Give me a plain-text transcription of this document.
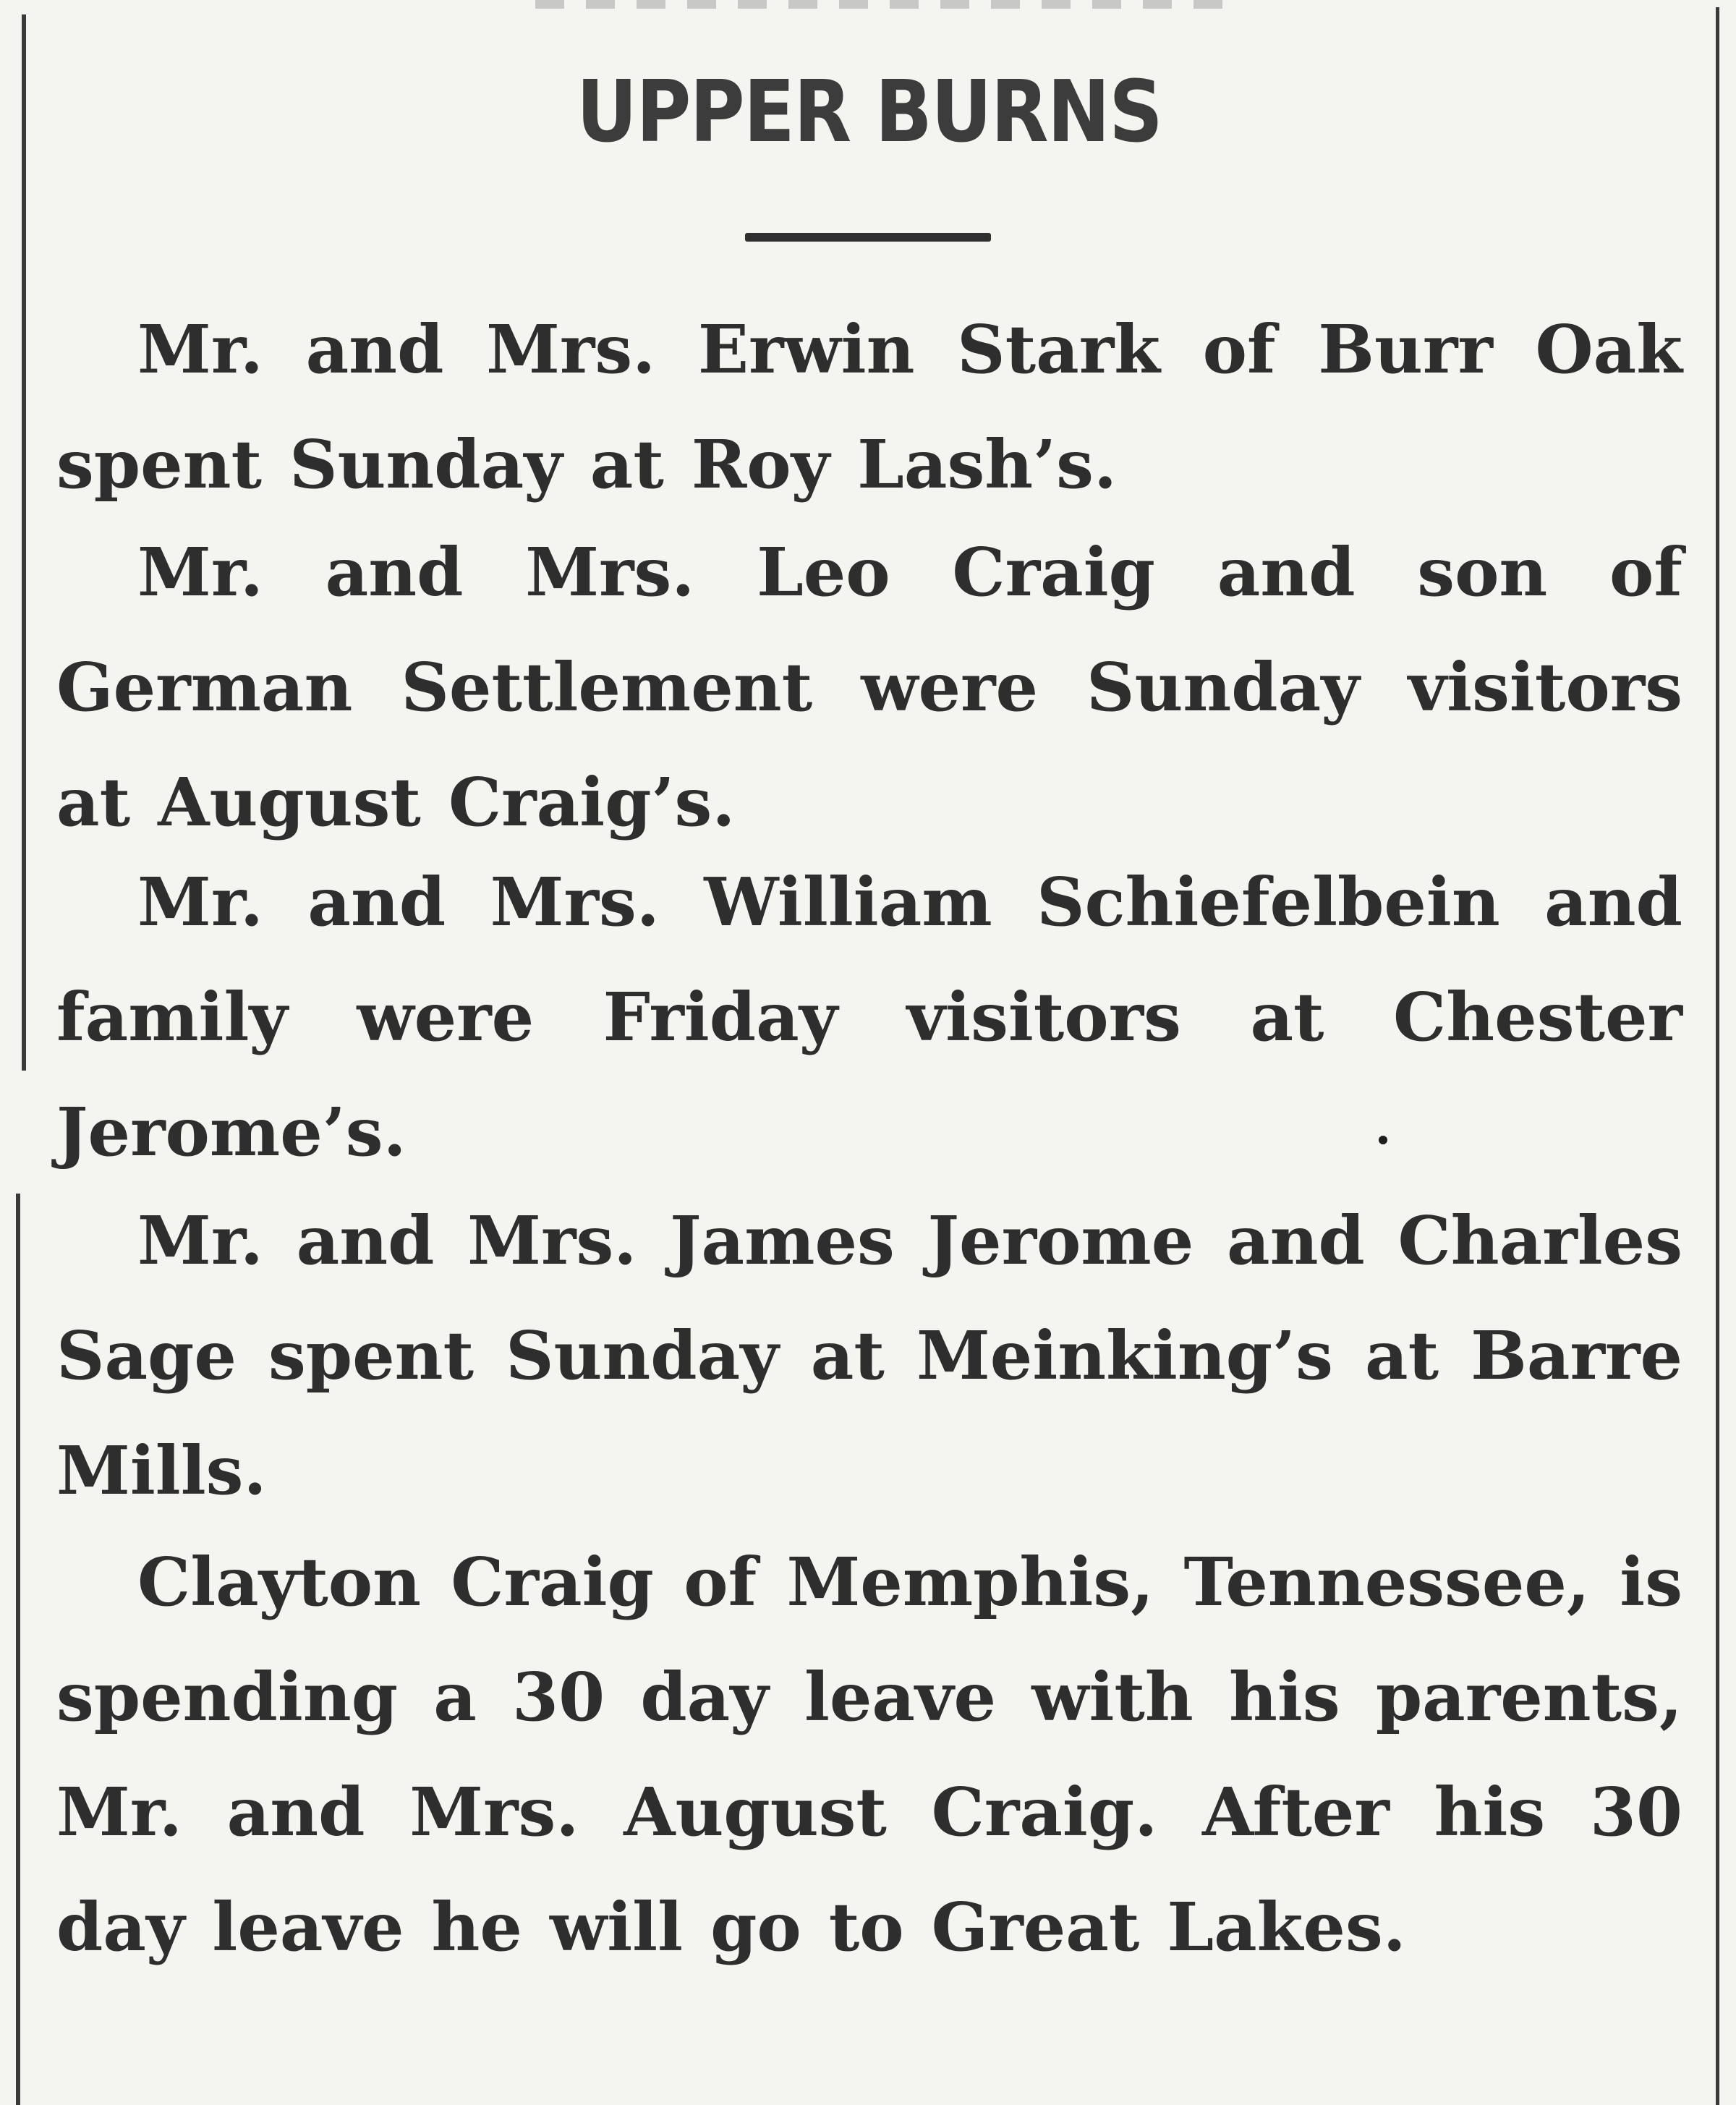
UPPER BURNS

Mr. and Mrs. Erwin Stark of Burr Oak spent Sunday at Roy Lash’s.

Mr. and Mrs. Leo Craig and son of German Settlement were Sunday visitors at August Craig’s.

Mr. and Mrs. William Schiefelbein and family were Friday visitors at Chester Jerome’s.

Mr. and Mrs. James Jerome and Charles Sage spent Sunday at Meinking’s at Barre Mills.

Clayton Craig of Memphis, Tennessee, is spending a 30 day leave with his parents, Mr. and Mrs. August Craig. After his 30 day leave he will go to Great Lakes.
